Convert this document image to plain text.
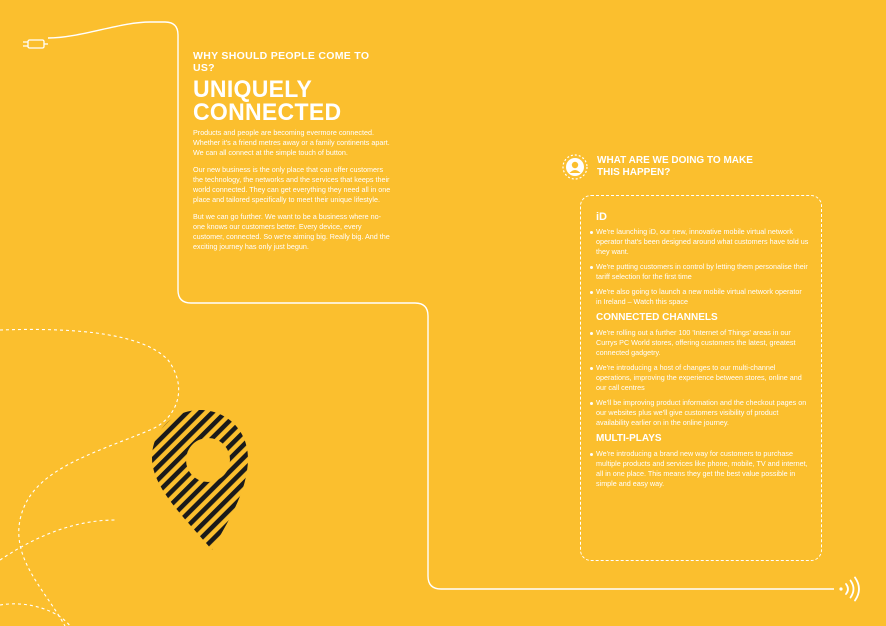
WHY SHOULD PEOPLE COME TO US?

UNIQUELY
CONNECTED

Products and people are becoming evermore connected. Whether it's a friend metres away or a family continents apart. We can all connect at the simple touch of button.

Our new business is the only place that can offer customers the technology, the networks and the services that keeps their world connected. They can get everything they need all in one place and tailored specifically to meet their unique lifestyle.

But we can go further. We want to be a business where no-one knows our customers better. Every device, every customer, connected. So we're aiming big. Really big. And the exciting journey has only just begun.

WHAT ARE WE DOING TO MAKE
THIS HAPPEN?
iD
We're launching iD, our new, innovative mobile virtual network operator that's been designed around what customers have told us they want.
We're putting customers in control by letting them personalise their tariff selection for the first time
We're also going to launch a new mobile virtual network operator in Ireland – Watch this space
CONNECTED CHANNELS
We're rolling out a further 100 'Internet of Things' areas in our Currys PC World stores, offering customers the latest, greatest connected gadgetry.
We're introducing a host of changes to our multi-channel operations, improving the experience between stores, online and our call centres
We'll be improving product information and the checkout pages on our websites plus we'll give customers visibility of product availability earlier on in the online journey.
MULTI-PLAYS
We're introducing a brand new way for customers to purchase multiple products and services like phone, mobile, TV and internet, all in one place. This means they get the best value possible in simple and easy way.
